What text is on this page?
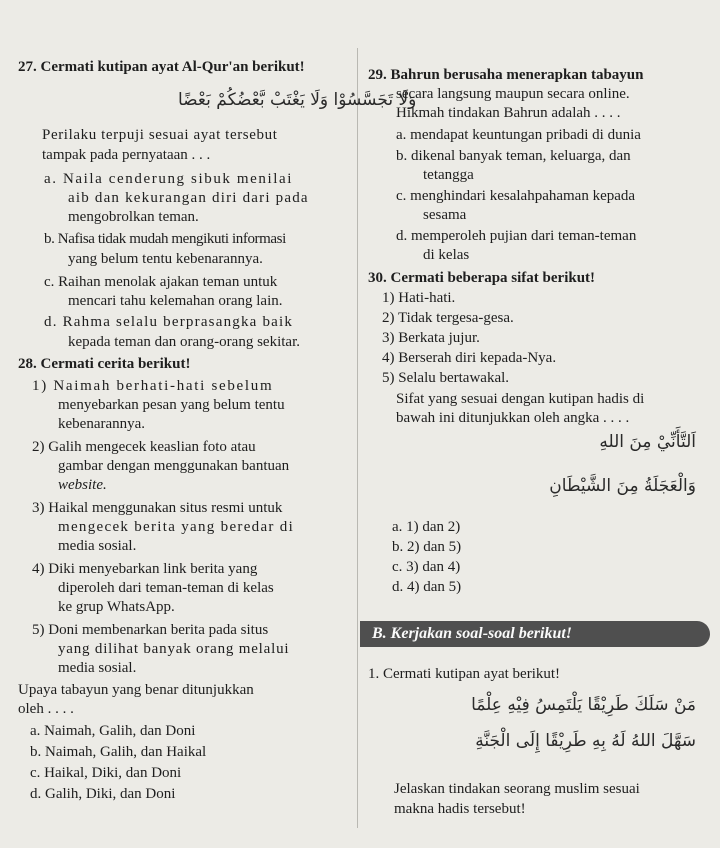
27. Cermati kutipan ayat Al-Qur'an berikut!
وَلَا تَجَسَّسُوْا وَلَا يَغْتَبْ بَّعْضُكُمْ بَعْضًا
Perilaku terpuji sesuai ayat tersebut
tampak pada pernyataan . . .
a. Naila cenderung sibuk menilai
aib dan kekurangan diri dari pada
mengobrolkan teman.
b. Nafisa tidak mudah mengikuti informasi
yang belum tentu kebenarannya.
c. Raihan menolak ajakan teman untuk
mencari tahu kelemahan orang lain.
d. Rahma selalu berprasangka baik
kepada teman dan orang-orang sekitar.
28. Cermati cerita berikut!
1) Naimah berhati-hati sebelum
menyebarkan pesan yang belum tentu
kebenarannya.
2) Galih mengecek keaslian foto atau
gambar dengan menggunakan bantuan
website.
3) Haikal menggunakan situs resmi untuk
mengecek berita yang beredar di
media sosial.
4) Diki menyebarkan link berita yang
diperoleh dari teman-teman di kelas
ke grup WhatsApp.
5) Doni membenarkan berita pada situs
yang dilihat banyak orang melalui
media sosial.
Upaya tabayun yang benar ditunjukkan
oleh . . . .
a. Naimah, Galih, dan Doni
b. Naimah, Galih, dan Haikal
c. Haikal, Diki, dan Doni
d. Galih, Diki, dan Doni
29. Bahrun berusaha menerapkan tabayun
secara langsung maupun secara online.
Hikmah tindakan Bahrun adalah . . . .
a. mendapat keuntungan pribadi di dunia
b. dikenal banyak teman, keluarga, dan
tetangga
c. menghindari kesalahpahaman kepada
sesama
d. memperoleh pujian dari teman-teman
di kelas
30. Cermati beberapa sifat berikut!
1) Hati-hati.
2) Tidak tergesa-gesa.
3) Berkata jujur.
4) Berserah diri kepada-Nya.
5) Selalu bertawakal.
Sifat yang sesuai dengan kutipan hadis di
bawah ini ditunjukkan oleh angka . . . .
اَلتَّأَنِّيْ مِنَ اللهِ
وَالْعَجَلَةُ مِنَ الشَّيْطَانِ
a. 1) dan 2)
b. 2) dan 5)
c. 3) dan 4)
d. 4) dan 5)
1. Cermati kutipan ayat berikut!
مَنْ سَلَكَ طَرِيْقًا يَلْتَمِسُ فِيْهِ عِلْمًا
سَهَّلَ اللهُ لَهُ بِهِ طَرِيْقًا إِلَى الْجَنَّةِ
Jelaskan tindakan seorang muslim sesuai
makna hadis tersebut!
B. Kerjakan soal-soal berikut!
